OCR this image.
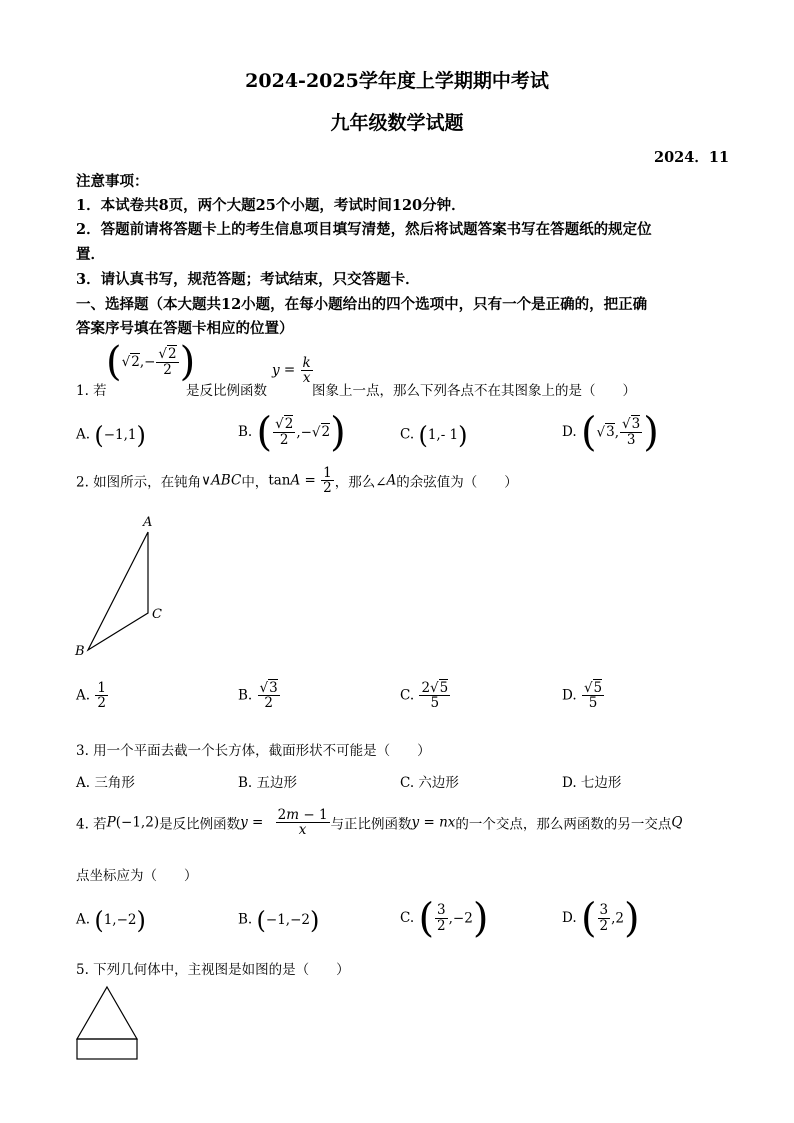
2024-2025学年度上学期期中考试
九年级数学试题
2024．11
注意事项：
1．本试卷共8页，两个大题25个小题，考试时间120分钟．
2．答题前请将答题卡上的考生信息项目填写清楚，然后将试题答案书写在答题纸的规定位
置．
3．请认真书写，规范答题；考试结束，只交答题卡．
一、选择题（本大题共12小题，在每小题给出的四个选项中，只有一个是正确的，把正确
答案序号填在答题卡相应的位置）
1. 若
($√2,- \frac{√2}{2}$ )
是反比例函数
$y = \frac{k}{x}$
图象上一点，那么下列各点不在其图象上的是（　　）
A. (−1,1)	B. ( $\frac{√2}{2} ,-√2$)	C. (1,- 1)	D. (√3, $\frac{√3}{3}$ )
2. 如图所示，在钝角∨ABC中，$\tan A = \frac{1}{2}$ ，那么∠A的余弦值为（　　）
A
C
B
A. $\frac{1}{2}$	B. $\frac{√3}{2}$	C. $\frac{2√5}{5}$	D. $\frac{√5}{5}$
3. 用一个平面去截一个长方体，截面形状不可能是（　　）
A. 三角形	B. 五边形	C. 六边形	D. 七边形
4. 若P(−1,2)是反比例函数$y = \frac{2m - 1}{x}$ 与正比例函数y = nx的一个交点，那么两函数的另一交点Q
点坐标应为（　　）
A. (1,−2)	B. (−1,−2)	C. ( $\frac{3}{2} ,-2$)	D. ( $\frac{3}{2} ,2$)
5. 下列几何体中，主视图是如图的是（　　）
